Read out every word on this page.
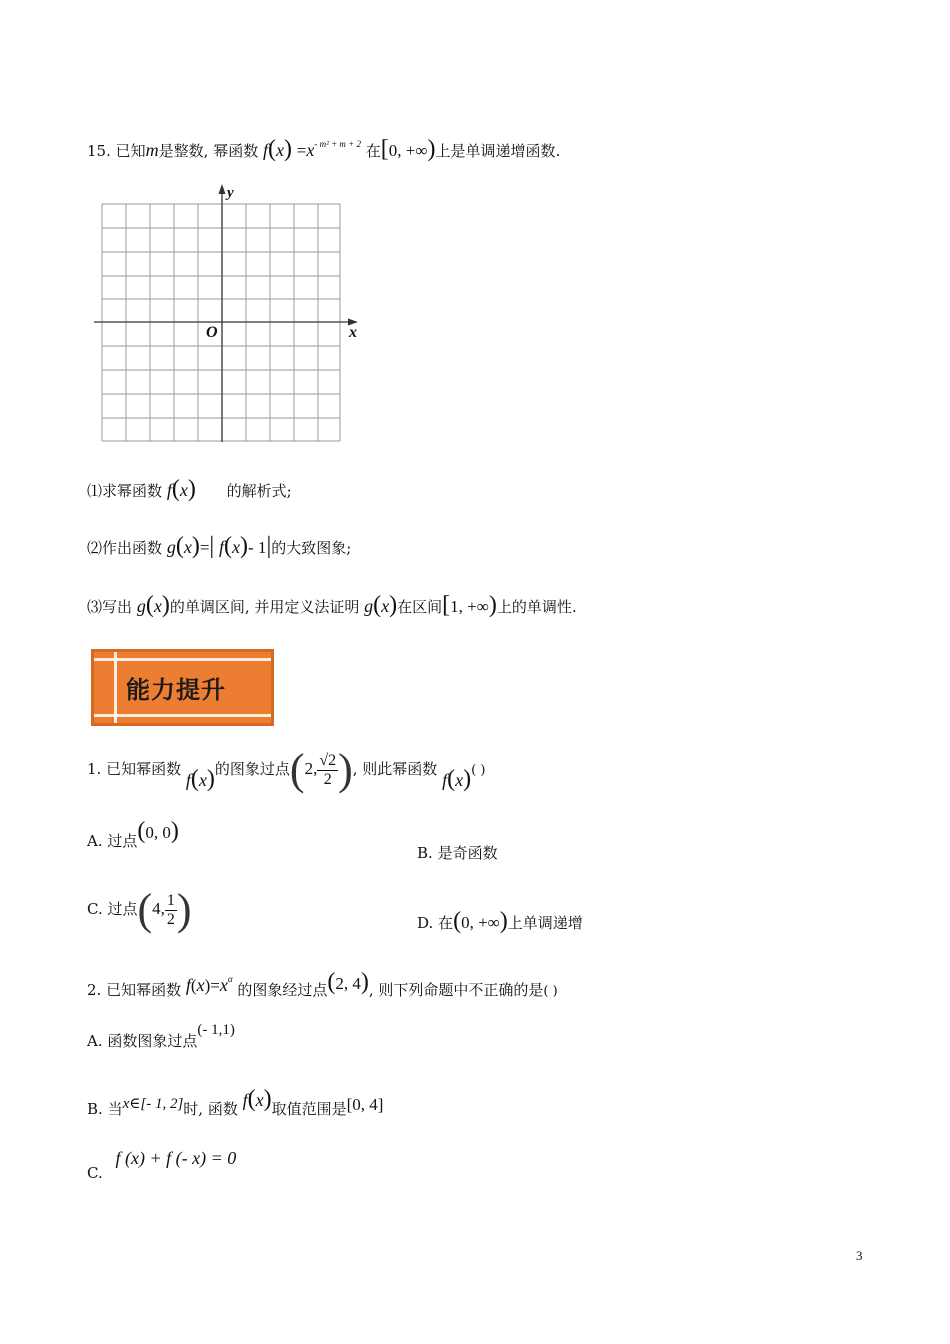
15. 已知m是整数, 幂函数 $f(x) =x^{- m^2 + m + 2}$ 在[0, +∞)上是单调递增函数.
y
x
O
⑴求幂函数 f(x) 的解析式;
⑵作出函数 g(x)=| f(x)- 1|的大致图象;
⑶写出 g(x)的单调区间, 并用定义法证明 g(x)在区间[1, +∞)上的单调性.
能力提升
1. 已知幂函数 f(x)的图象过点(2, $\frac{√2}{2}$ ), 则此幂函数 f(x)( )
A. 过点(0, 0)
B. 是奇函数
C. 过点(4, $\frac{1}{2}$ )	D. 在(0, +∞)上单调递增
2. 已知幂函数 $f(x)=x^\alpha$ 的图象经过点(2, 4), 则下列命题中不正确的是( )
A. 函数图象过点(- 1,1)
B. 当x∈[- 1, 2]时, 函数 f(x)取值范围是[0, 4]
C. f (x) + f (- x) = 0
3
